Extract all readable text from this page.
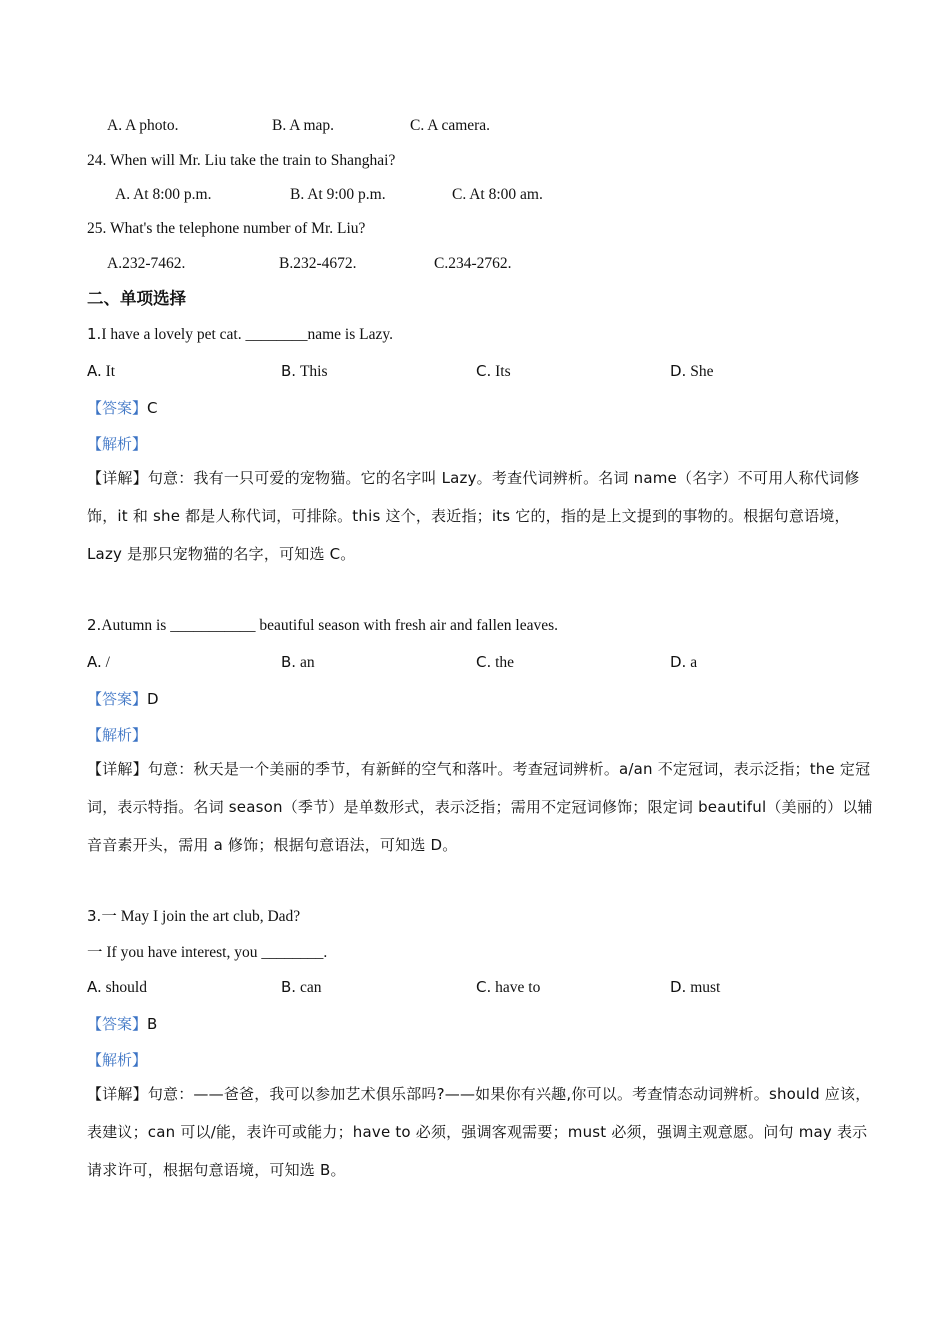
A. A photo.	B. A map.	C. A camera.
24. When will Mr. Liu take the train to Shanghai?
A. At 8:00 p.m.	B. At 9:00 p.m.	C. At 8:00 am.
25. What's the telephone number of Mr. Liu?
A.232-7462.	B.232-4672.	C.234-2762.
二、单项选择
1.I have a lovely pet cat. ________name is Lazy.
A. It	B. This	C. Its	D. She
【答案】C
【解析】
【详解】句意：我有一只可爱的宠物猫。它的名字叫 Lazy。考查代词辨析。名词 name（名字）不可用人称代词修饰，it 和 she 都是人称代词，可排除。this 这个，表近指；its 它的，指的是上文提到的事物的。根据句意语境，Lazy 是那只宠物猫的名字，可知选 C。
2.Autumn is ___________ beautiful season with fresh air and fallen leaves.
A. /	B. an	C. the	D. a
【答案】D
【解析】
【详解】句意：秋天是一个美丽的季节，有新鲜的空气和落叶。考查冠词辨析。a/an 不定冠词，表示泛指；the 定冠词，表示特指。名词 season（季节）是单数形式，表示泛指；需用不定冠词修饰；限定词 beautiful（美丽的）以辅音音素开头，需用 a 修饰；根据句意语法，可知选 D。
3.一 May I join the art club, Dad?
一 If you have interest, you ________.
A. should	B. can	C. have to	D. must
【答案】B
【解析】
【详解】句意：——爸爸，我可以参加艺术俱乐部吗?——如果你有兴趣,你可以。考查情态动词辨析。should 应该，表建议；can 可以/能，表许可或能力；have to 必须，强调客观需要；must 必须，强调主观意愿。问句 may 表示请求许可，根据句意语境，可知选 B。
